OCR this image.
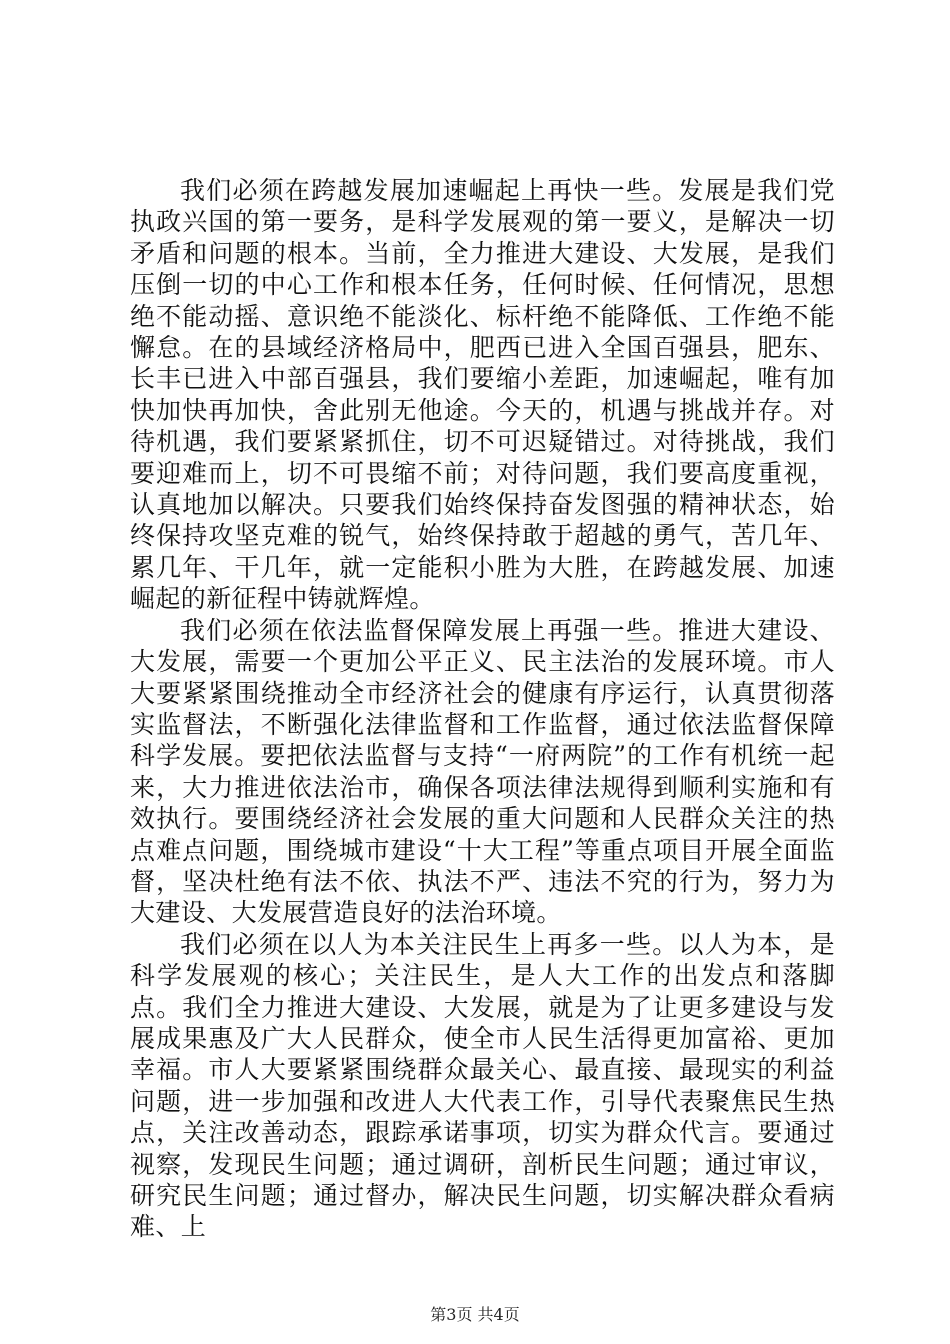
我们必须在跨越发展加速崛起上再快一些。发展是我们党执政兴国的第一要务，是科学发展观的第一要义，是解决一切矛盾和问题的根本。当前，全力推进大建设、大发展，是我们压倒一切的中心工作和根本任务，任何时候、任何情况，思想绝不能动摇、意识绝不能淡化、标杆绝不能降低、工作绝不能懈怠。在的县域经济格局中，肥西已进入全国百强县，肥东、长丰已进入中部百强县，我们要缩小差距，加速崛起，唯有加快加快再加快，舍此别无他途。今天的，机遇与挑战并存。对待机遇，我们要紧紧抓住，切不可迟疑错过。对待挑战，我们要迎难而上，切不可畏缩不前；对待问题，我们要高度重视，认真地加以解决。只要我们始终保持奋发图强的精神状态，始终保持攻坚克难的锐气，始终保持敢于超越的勇气，苦几年、累几年、干几年，就一定能积小胜为大胜，在跨越发展、加速崛起的新征程中铸就辉煌。

我们必须在依法监督保障发展上再强一些。推进大建设、大发展，需要一个更加公平正义、民主法治的发展环境。市人大要紧紧围绕推动全市经济社会的健康有序运行，认真贯彻落实监督法，不断强化法律监督和工作监督，通过依法监督保障科学发展。要把依法监督与支持“一府两院”的工作有机统一起来，大力推进依法治市，确保各项法律法规得到顺利实施和有效执行。要围绕经济社会发展的重大问题和人民群众关注的热点难点问题，围绕城市建设“十大工程”等重点项目开展全面监督，坚决杜绝有法不依、执法不严、违法不究的行为，努力为大建设、大发展营造良好的法治环境。

我们必须在以人为本关注民生上再多一些。以人为本，是科学发展观的核心；关注民生，是人大工作的出发点和落脚点。我们全力推进大建设、大发展，就是为了让更多建设与发展成果惠及广大人民群众，使全市人民生活得更加富裕、更加幸福。市人大要紧紧围绕群众最关心、最直接、最现实的利益问题，进一步加强和改进人大代表工作，引导代表聚焦民生热点，关注改善动态，跟踪承诺事项，切实为群众代言。要通过视察，发现民生问题；通过调研，剖析民生问题；通过审议，研究民生问题；通过督办，解决民生问题，切实解决群众看病难、上

第3页 共4页
